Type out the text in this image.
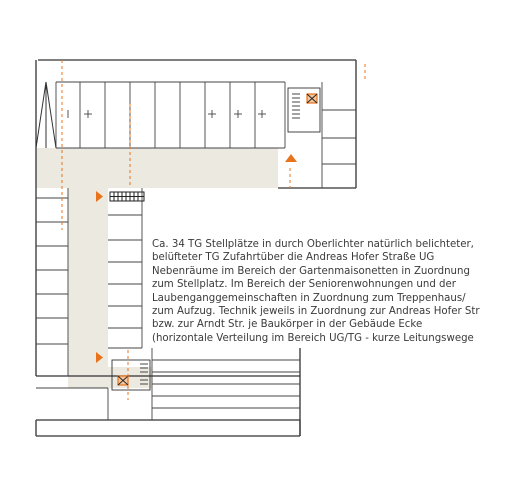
Ca. 34 TG Stellplätze in durch Oberlichter natürlich belichteter,
belüfteter TG Zufahrtüber die Andreas Hofer Straße UG
Nebenräume im Bereich der Gartenmaisonetten in Zuordnung
zum Stellplatz. Im Bereich der Seniorenwohnungen und der
Laubenganggemeinschaften in Zuordnung zum Treppenhaus/
zum Aufzug. Technik jeweils in Zuordnung zur Andreas Hofer Str
bzw. zur Arndt Str. je Baukörper in der Gebäude Ecke
(horizontale Verteilung im Bereich UG/TG - kurze Leitungswege
